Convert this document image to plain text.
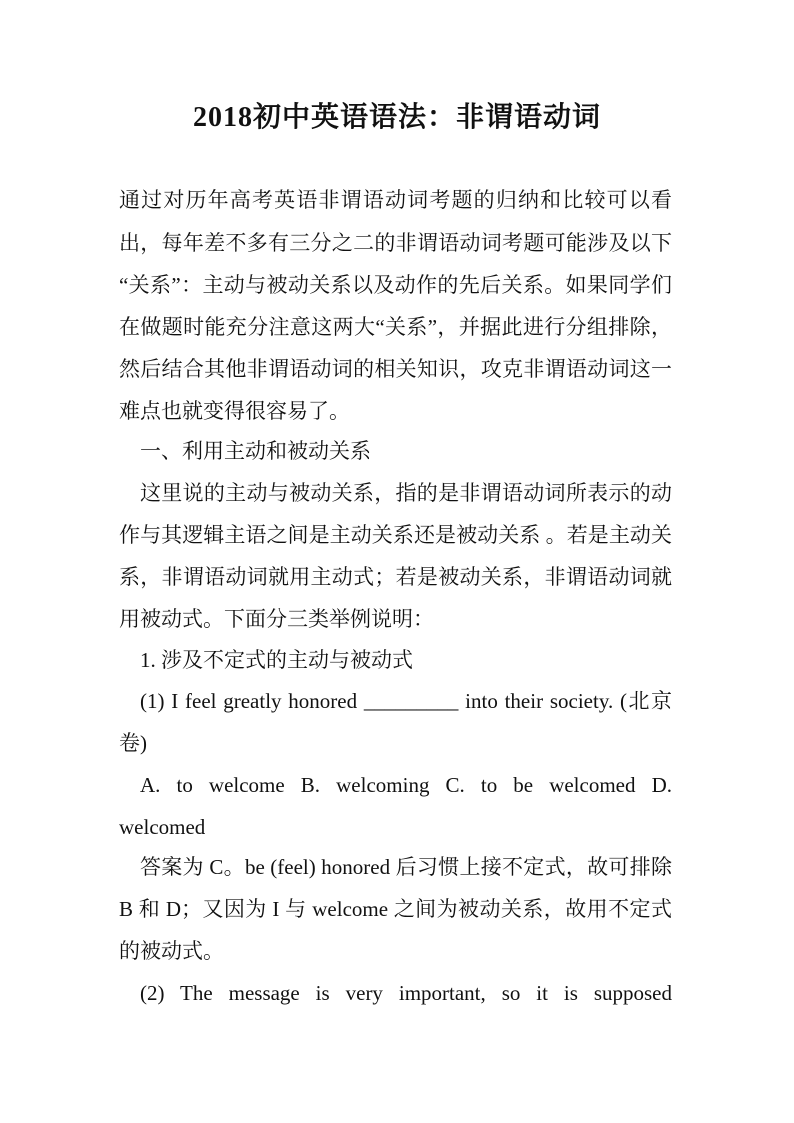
2018初中英语语法：非谓语动词
通过对历年高考英语非谓语动词考题的归纳和比较可以看
出，每年差不多有三分之二的非谓语动词考题可能涉及以下
“关系”：主动与被动关系以及动作的先后关系。如果同学们
在做题时能充分注意这两大“关系”，并据此进行分组排除，
然后结合其他非谓语动词的相关知识，攻克非谓语动词这一
难点也就变得很容易了。
一、利用主动和被动关系
这里说的主动与被动关系，指的是非谓语动词所表示的动
作与其逻辑主语之间是主动关系还是被动关系 。若是主动关
系，非谓语动词就用主动式；若是被动关系，非谓语动词就
用被动式。下面分三类举例说明：
1. 涉及不定式的主动与被动式
(1) I feel greatly honored _________ into their society. (北京
卷)
A. to welcome B. welcoming C. to be welcomed D.
welcomed
答案为 C。be (feel) honored 后习惯上接不定式，故可排除
B 和 D；又因为 I 与 welcome 之间为被动关系，故用不定式
的被动式。
(2) The message is very important, so it is supposed
